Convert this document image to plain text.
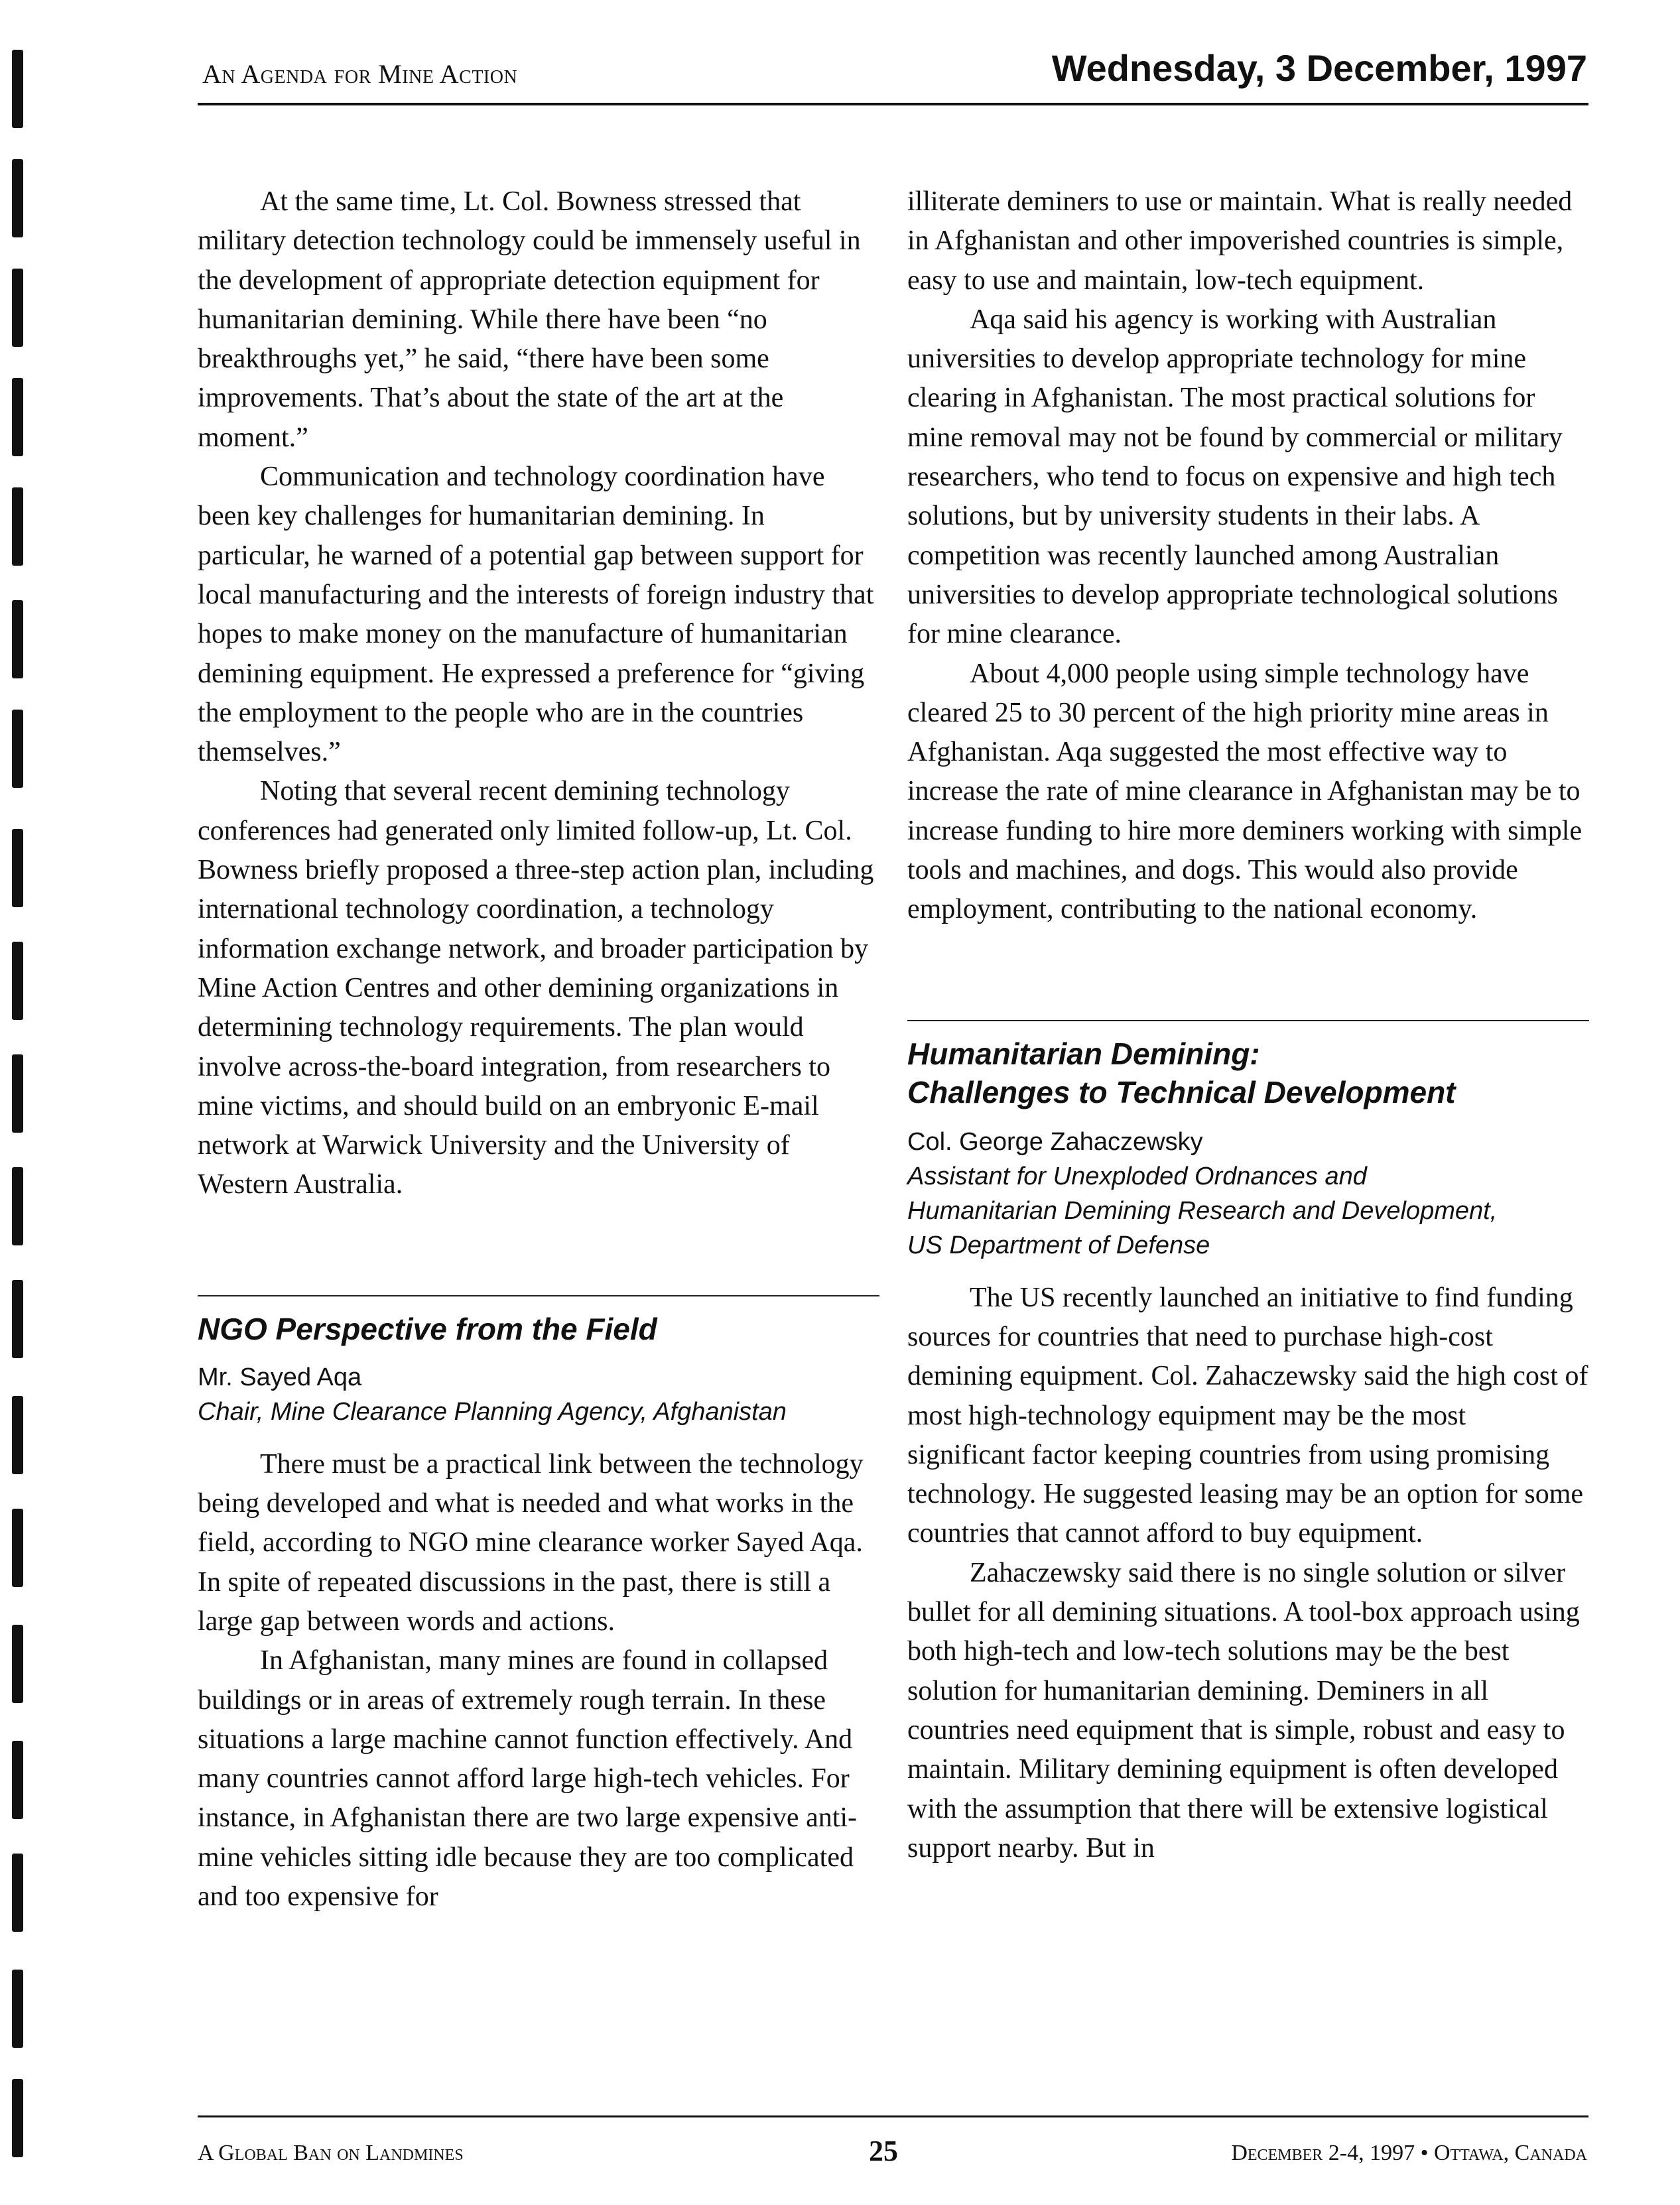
An Agenda for Mine Action	Wednesday, 3 December, 1997

At the same time, Lt. Col. Bowness stressed that military detection technology could be immensely useful in the development of appropriate detection equipment for humanitarian demining. While there have been “no breakthroughs yet,” he said, “there have been some improvements. That’s about the state of the art at the moment.”

Communication and technology coordination have been key challenges for humanitarian demining. In particular, he warned of a potential gap between support for local manufacturing and the interests of foreign industry that hopes to make money on the manufacture of humanitarian demining equipment. He expressed a preference for “giving the employment to the people who are in the countries themselves.”

Noting that several recent demining technology conferences had generated only limited follow-up, Lt. Col. Bowness briefly proposed a three-step action plan, including international technology coordination, a technology information exchange network, and broader participation by Mine Action Centres and other demining organizations in determining technology requirements. The plan would involve across-the-board integration, from researchers to mine victims, and should build on an embryonic E-mail network at Warwick University and the University of Western Australia.

NGO Perspective from the Field

Mr. Sayed Aqa

Chair, Mine Clearance Planning Agency, Afghanistan

There must be a practical link between the technology being developed and what is needed and what works in the field, according to NGO mine clearance worker Sayed Aqa. In spite of repeated discussions in the past, there is still a large gap between words and actions.

In Afghanistan, many mines are found in collapsed buildings or in areas of extremely rough terrain. In these situations a large machine cannot function effectively. And many countries cannot afford large high-tech vehicles. For instance, in Afghanistan there are two large expensive anti-mine vehicles sitting idle because they are too complicated and too expensive for

illiterate deminers to use or maintain. What is really needed in Afghanistan and other impoverished countries is simple, easy to use and maintain, low-tech equipment.

Aqa said his agency is working with Australian universities to develop appropriate technology for mine clearing in Afghanistan. The most practical solutions for mine removal may not be found by commercial or military researchers, who tend to focus on expensive and high tech solutions, but by university students in their labs. A competition was recently launched among Australian universities to develop appropriate technological solutions for mine clearance.

About 4,000 people using simple technology have cleared 25 to 30 percent of the high priority mine areas in Afghanistan. Aqa suggested the most effective way to increase the rate of mine clearance in Afghanistan may be to increase funding to hire more deminers working with simple tools and machines, and dogs. This would also provide employment, contributing to the national economy.

Humanitarian Demining:
Challenges to Technical Development

Col. George Zahaczewsky

Assistant for Unexploded Ordnances and

Humanitarian Demining Research and Development,

US Department of Defense

The US recently launched an initiative to find funding sources for countries that need to purchase high-cost demining equipment. Col. Zahaczewsky said the high cost of most high-technology equipment may be the most significant factor keeping countries from using promising technology. He suggested leasing may be an option for some countries that cannot afford to buy equipment.

Zahaczewsky said there is no single solution or silver bullet for all demining situations. A tool-box approach using both high-tech and low-tech solutions may be the best solution for humanitarian demining. Deminers in all countries need equipment that is simple, robust and easy to maintain. Military demining equipment is often developed with the assumption that there will be extensive logistical support nearby. But in

A Global Ban on Landmines	25	December 2-4, 1997 • Ottawa, Canada
